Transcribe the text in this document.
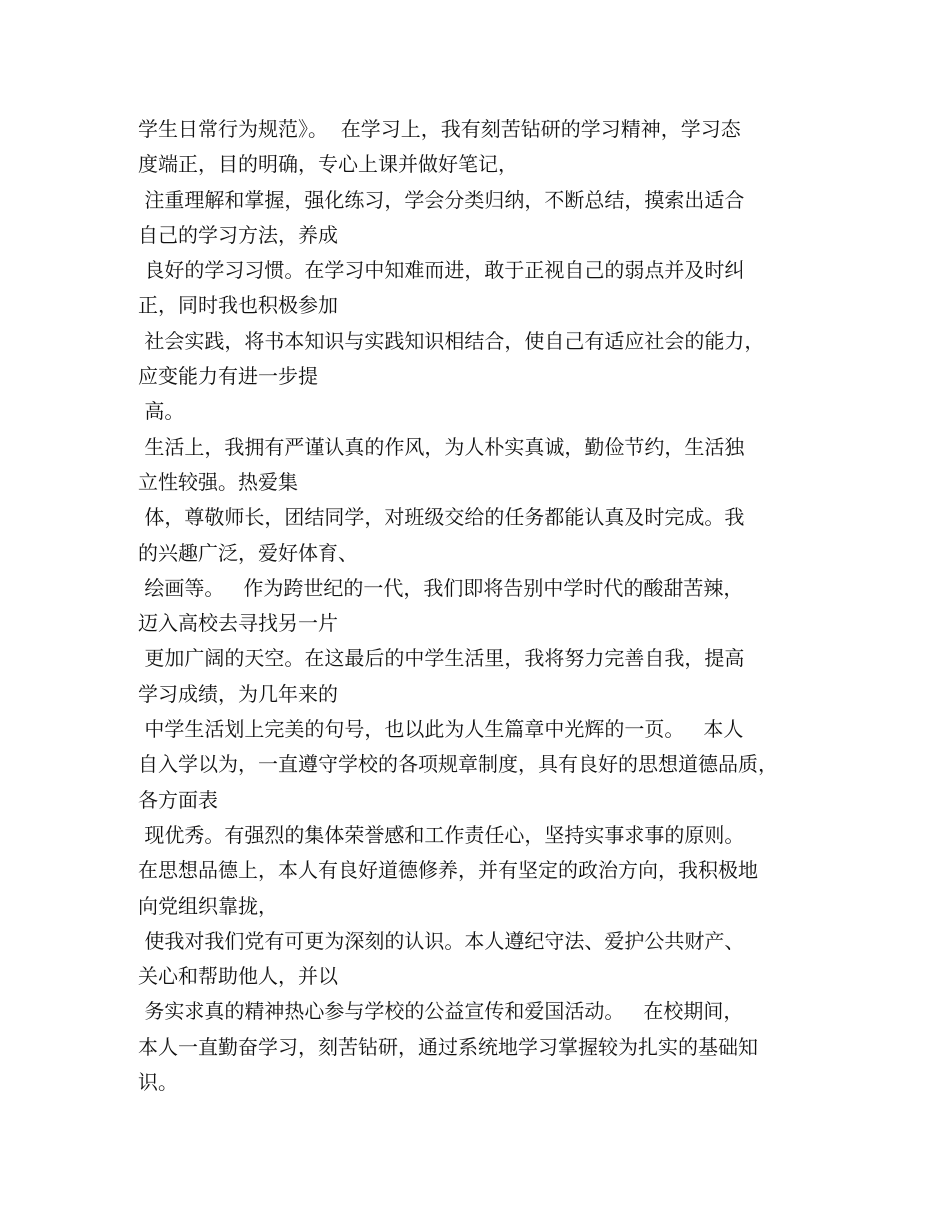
学生日常行为规范》。  在学习上，我有刻苦钻研的学习精神，学习态
度端正，目的明确，专心上课并做好笔记，
注重理解和掌握，强化练习，学会分类归纳，不断总结，摸索出适合
自己的学习方法，养成
良好的学习习惯。在学习中知难而进，敢于正视自己的弱点并及时纠
正，同时我也积极参加
社会实践，将书本知识与实践知识相结合，使自己有适应社会的能力，
应变能力有进一步提
高。
生活上，我拥有严谨认真的作风，为人朴实真诚，勤俭节约，生活独
立性较强。热爱集
体，尊敬师长，团结同学，对班级交给的任务都能认真及时完成。我
的兴趣广泛，爱好体育、
绘画等。   作为跨世纪的一代，我们即将告别中学时代的酸甜苦辣，
迈入高校去寻找另一片
更加广阔的天空。在这最后的中学生活里，我将努力完善自我，提高
学习成绩，为几年来的
中学生活划上完美的句号，也以此为人生篇章中光辉的一页。   本人
自入学以为，一直遵守学校的各项规章制度，具有良好的思想道德品质，
各方面表
现优秀。有强烈的集体荣誉感和工作责任心，坚持实事求事的原则。
在思想品德上，本人有良好道德修养，并有坚定的政治方向，我积极地
向党组织靠拢，
使我对我们党有可更为深刻的认识。本人遵纪守法、爱护公共财产、
关心和帮助他人，并以
务实求真的精神热心参与学校的公益宣传和爱国活动。   在校期间，
本人一直勤奋学习，刻苦钻研，通过系统地学习掌握较为扎实的基础知
识。
